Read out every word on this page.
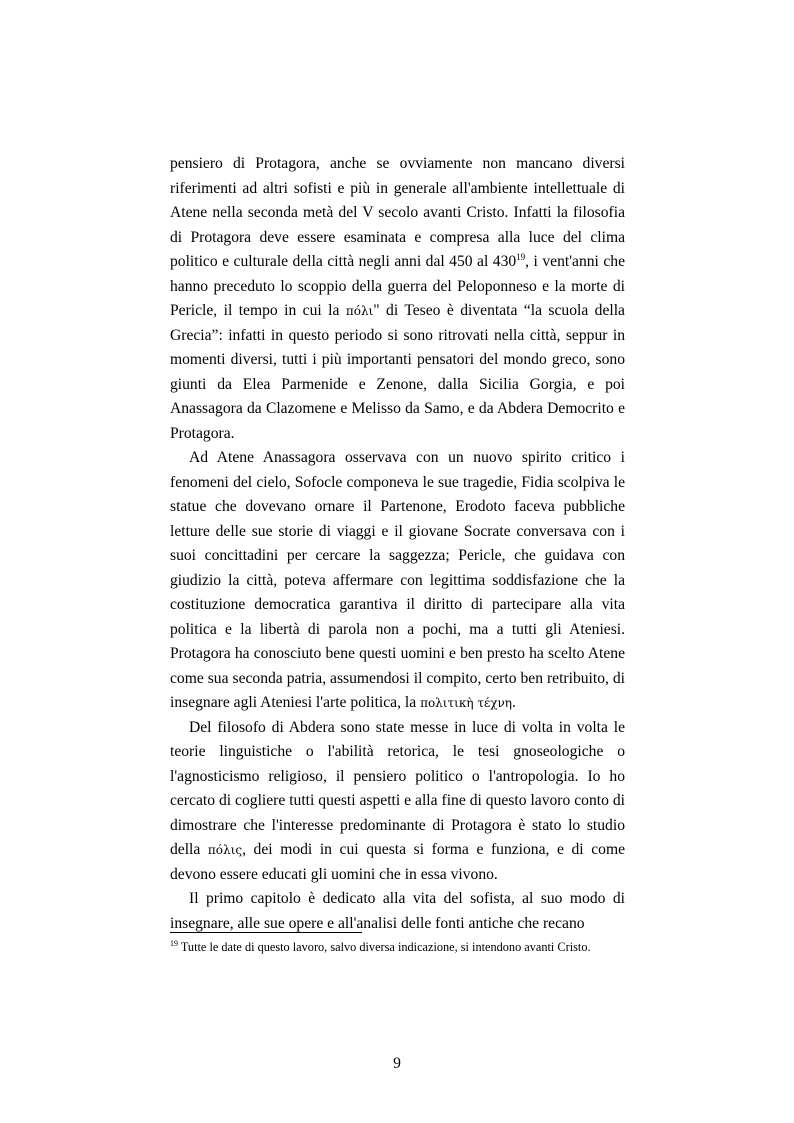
pensiero di Protagora, anche se ovviamente non mancano diversi riferimenti ad altri sofisti e più in generale all'ambiente intellettuale di Atene nella seconda metà del V secolo avanti Cristo. Infatti la filosofia di Protagora deve essere esaminata e compresa alla luce del clima politico e culturale della città negli anni dal 450 al $430^{19}$, i vent'anni che hanno preceduto lo scoppio della guerra del Peloponneso e la morte di Pericle, il tempo in cui la πόλι" di Teseo è diventata “la scuola della Grecia”: infatti in questo periodo si sono ritrovati nella città, seppur in momenti diversi, tutti i più importanti pensatori del mondo greco, sono giunti da Elea Parmenide e Zenone, dalla Sicilia Gorgia, e poi Anassagora da Clazomene e Melisso da Samo, e da Abdera Democrito e Protagora.

Ad Atene Anassagora osservava con un nuovo spirito critico i fenomeni del cielo, Sofocle componeva le sue tragedie, Fidia scolpiva le statue che dovevano ornare il Partenone, Erodoto faceva pubbliche letture delle sue storie di viaggi e il giovane Socrate conversava con i suoi concittadini per cercare la saggezza; Pericle, che guidava con giudizio la città, poteva affermare con legittima soddisfazione che la costituzione democratica garantiva il diritto di partecipare alla vita politica e la libertà di parola non a pochi, ma a tutti gli Ateniesi. Protagora ha conosciuto bene questi uomini e ben presto ha scelto Atene come sua seconda patria, assumendosi il compito, certo ben retribuito, di insegnare agli Ateniesi l'arte politica, la πολιτικὴ τέχνη.

Del filosofo di Abdera sono state messe in luce di volta in volta le teorie linguistiche o l'abilità retorica, le tesi gnoseologiche o l'agnosticismo religioso, il pensiero politico o l'antropologia. Io ho cercato di cogliere tutti questi aspetti e alla fine di questo lavoro conto di dimostrare che l'interesse predominante di Protagora è stato lo studio della πόλις, dei modi in cui questa si forma e funziona, e di come devono essere educati gli uomini che in essa vivono.

Il primo capitolo è dedicato alla vita del sofista, al suo modo di insegnare, alle sue opere e all'analisi delle fonti antiche che recano

$^{19}$ Tutte le date di questo lavoro, salvo diversa indicazione, si intendono avanti Cristo.
9
